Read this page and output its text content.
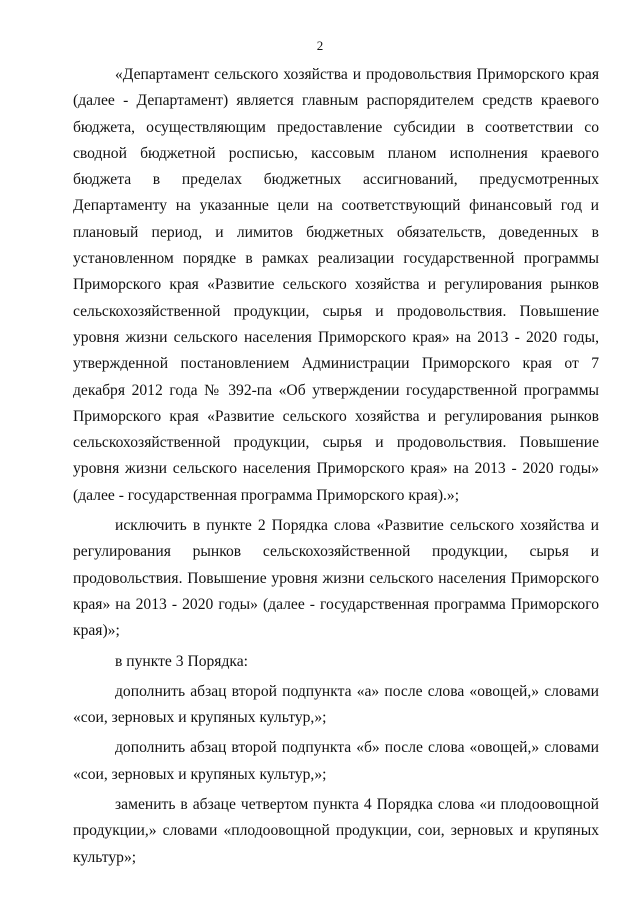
2

«Департамент сельского хозяйства и продовольствия Приморского края (далее - Департамент) является главным распорядителем средств краевого бюджета, осуществляющим предоставление субсидии в соответствии со сводной бюджетной росписью, кассовым планом исполнения краевого бюджета в пределах бюджетных ассигнований, предусмотренных Департаменту на указанные цели на соответствующий финансовый год и плановый период, и лимитов бюджетных обязательств, доведенных в установленном порядке в рамках реализации государственной программы Приморского края «Развитие сельского хозяйства и регулирования рынков сельскохозяйственной продукции, сырья и продовольствия. Повышение уровня жизни сельского населения Приморского края» на 2013 - 2020 годы, утвержденной постановлением Администрации Приморского края от 7 декабря 2012 года № 392-па «Об утверждении государственной программы Приморского края «Развитие сельского хозяйства и регулирования рынков сельскохозяйственной продукции, сырья и продовольствия. Повышение уровня жизни сельского населения Приморского края» на 2013 - 2020 годы» (далее - государственная программа Приморского края).»;

исключить в пункте 2 Порядка слова «Развитие сельского хозяйства и регулирования рынков сельскохозяйственной продукции, сырья и продовольствия. Повышение уровня жизни сельского населения Приморского края» на 2013 - 2020 годы» (далее - государственная программа Приморского края)»;

в пункте 3 Порядка:

дополнить абзац второй подпункта «а» после слова «овощей,» словами «сои, зерновых и крупяных культур,»;

дополнить абзац второй подпункта «б» после слова «овощей,» словами «сои, зерновых и крупяных культур,»;

заменить в абзаце четвертом пункта 4 Порядка слова «и плодоовощной продукции,» словами «плодоовощной продукции, сои, зерновых и крупяных культур»;
